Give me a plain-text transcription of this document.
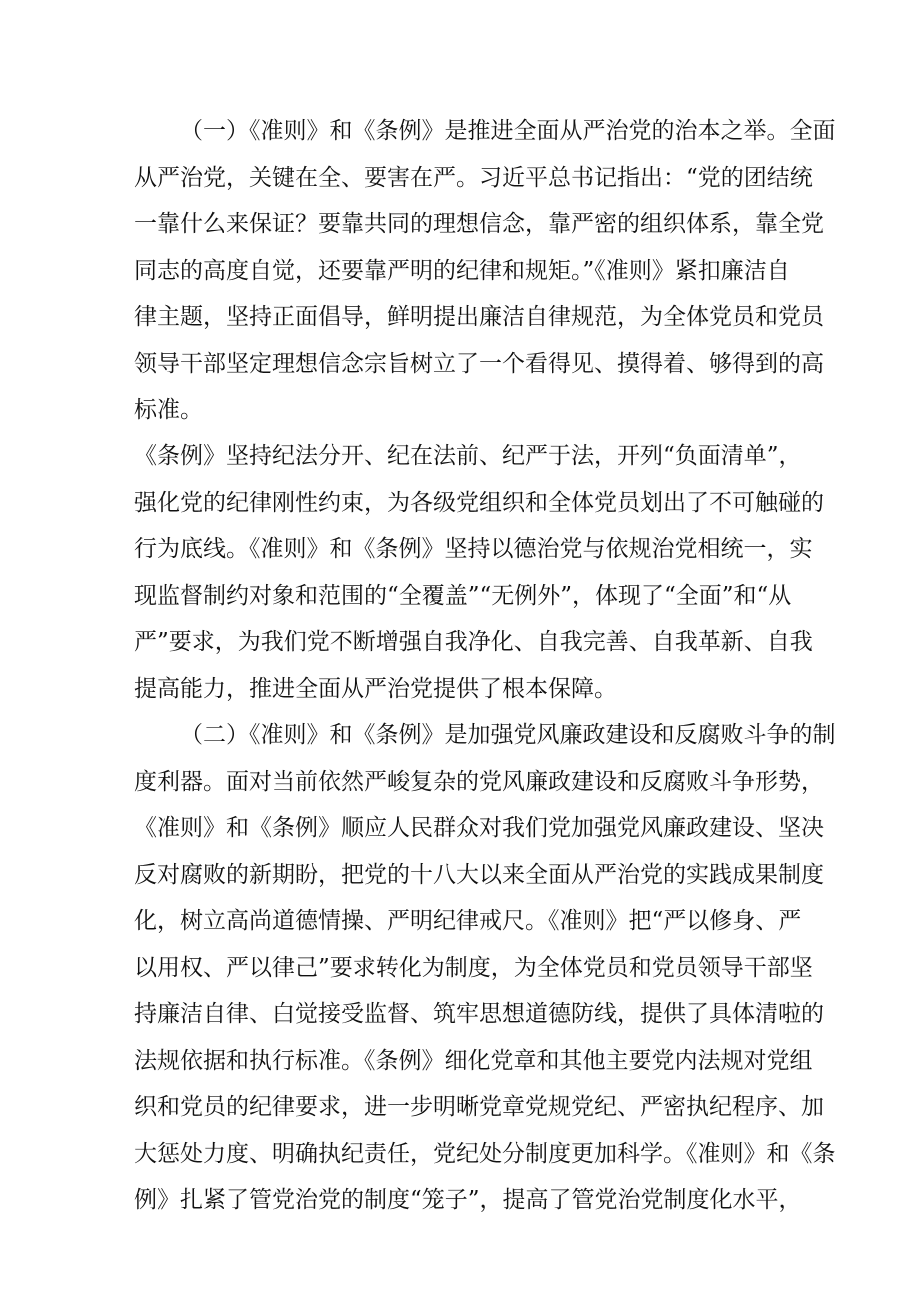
（一）《准则》和《条例》是推进全面从严治党的治本之举。全面
从严治党，关键在全、要害在严。习近平总书记指出：“党的团结统
一靠什么来保证？要靠共同的理想信念，靠严密的组织体系，靠全党
同志的高度自觉，还要靠严明的纪律和规矩。”《准则》紧扣廉洁自
律主题，坚持正面倡导，鲜明提出廉洁自律规范，为全体党员和党员
领导干部坚定理想信念宗旨树立了一个看得见、摸得着、够得到的高
标准。
《条例》坚持纪法分开、纪在法前、纪严于法，开列“负面清单”，
强化党的纪律刚性约束，为各级党组织和全体党员划出了不可触碰的
行为底线。《准则》和《条例》坚持以德治党与依规治党相统一，实
现监督制约对象和范围的“全覆盖”“无例外”，体现了“全面”和“从
严”要求，为我们党不断增强自我净化、自我完善、自我革新、自我
提高能力，推进全面从严治党提供了根本保障。
（二）《准则》和《条例》是加强党风廉政建设和反腐败斗争的制
度利器。面对当前依然严峻复杂的党风廉政建设和反腐败斗争形势，
《准则》和《条例》顺应人民群众对我们党加强党风廉政建设、坚决
反对腐败的新期盼，把党的十八大以来全面从严治党的实践成果制度
化，树立高尚道德情操、严明纪律戒尺。《准则》把“严以修身、严
以用权、严以律己”要求转化为制度，为全体党员和党员领导干部坚
持廉洁自律、白觉接受监督、筑牢思想道德防线，提供了具体清啦的
法规依据和执行标准。《条例》细化党章和其他主要党内法规对党组
织和党员的纪律要求，进一步明晰党章党规党纪、严密执纪程序、加
大惩处力度、明确执纪责任，党纪处分制度更加科学。《准则》和《条
例》扎紧了管党治党的制度“笼子”，提高了管党治党制度化水平，
